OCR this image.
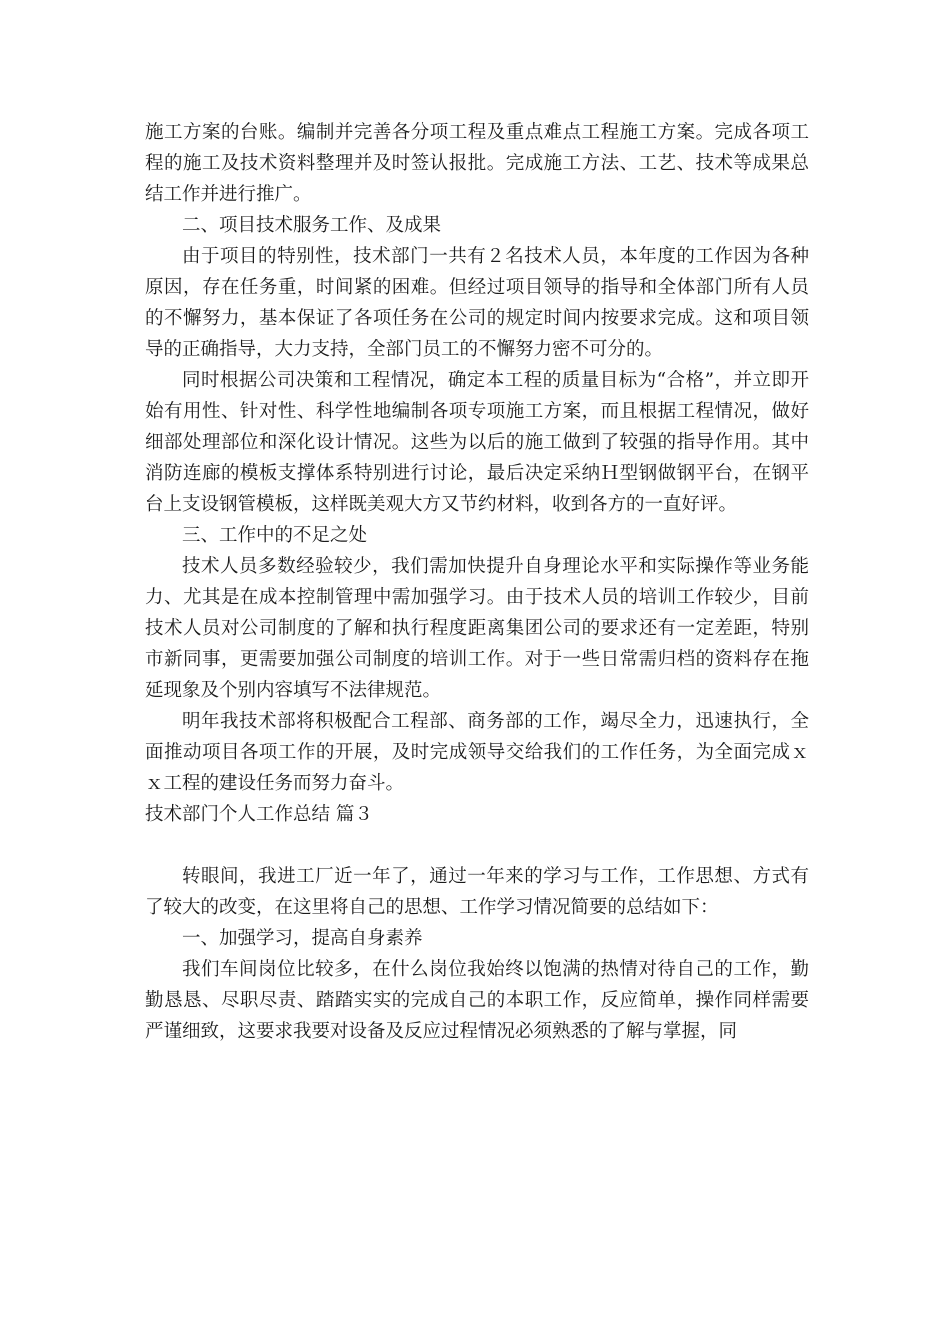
施工方案的台账。编制并完善各分项工程及重点难点工程施工方案。完成各项工程的施工及技术资料整理并及时签认报批。完成施工方法、工艺、技术等成果总结工作并进行推广。

二、项目技术服务工作、及成果

由于项目的特别性，技术部门一共有２名技术人员，本年度的工作因为各种原因，存在任务重，时间紧的困难。但经过项目领导的指导和全体部门所有人员的不懈努力，基本保证了各项任务在公司的规定时间内按要求完成。这和项目领导的正确指导，大力支持，全部门员工的不懈努力密不可分的。

同时根据公司决策和工程情况，确定本工程的质量目标为“合格”，并立即开始有用性、针对性、科学性地编制各项专项施工方案，而且根据工程情况，做好细部处理部位和深化设计情况。这些为以后的施工做到了较强的指导作用。其中消防连廊的模板支撑体系特别进行讨论，最后决定采纳Ｈ型钢做钢平台，在钢平台上支设钢管模板，这样既美观大方又节约材料，收到各方的一直好评。

三、工作中的不足之处

技术人员多数经验较少，我们需加快提升自身理论水平和实际操作等业务能力、尤其是在成本控制管理中需加强学习。由于技术人员的培训工作较少，目前技术人员对公司制度的了解和执行程度距离集团公司的要求还有一定差距，特别市新同事，更需要加强公司制度的培训工作。对于一些日常需归档的资料存在拖延现象及个别内容填写不法律规范。

明年我技术部将积极配合工程部、商务部的工作，竭尽全力，迅速执行，全面推动项目各项工作的开展，及时完成领导交给我们的工作任务，为全面完成ｘｘ工程的建设任务而努力奋斗。

技术部门个人工作总结 篇３

转眼间，我进工厂近一年了，通过一年来的学习与工作，工作思想、方式有了较大的改变，在这里将自己的思想、工作学习情况简要的总结如下：

一、加强学习，提高自身素养

我们车间岗位比较多，在什么岗位我始终以饱满的热情对待自己的工作，勤勤恳恳、尽职尽责、踏踏实实的完成自己的本职工作，反应简单，操作同样需要严谨细致，这要求我要对设备及反应过程情况必须熟悉的了解与掌握，同
